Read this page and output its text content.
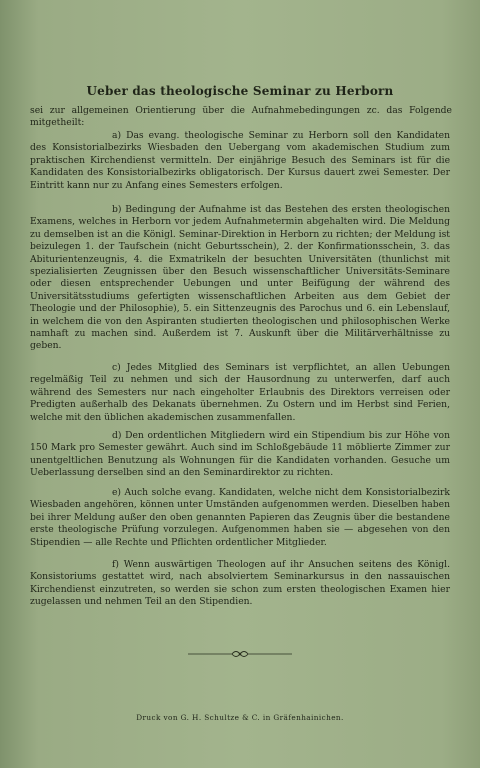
Ueber das theologische Seminar zu Herborn
sei zur allgemeinen Orientierung über die Aufnahmebedingungen zc. das Folgende mitgetheilt:
a) Das evang. theologische Seminar zu Herborn soll den Kandidaten des Konsistorialbezirks Wiesbaden den Uebergang vom akademischen Studium zum praktischen Kirchendienst vermitteln. Der einjährige Besuch des Seminars ist für die Kandidaten des Konsistorialbezirks obligatorisch. Der Kursus dauert zwei Semester. Der Eintritt kann nur zu Anfang eines Semesters erfolgen.
b) Bedingung der Aufnahme ist das Bestehen des ersten theologischen Examens, welches in Herborn vor jedem Aufnahmetermin abgehalten wird. Die Meldung zu demselben ist an die Königl. Seminar-Direktion in Herborn zu richten; der Meldung ist beizulegen 1. der Taufschein (nicht Geburtsschein), 2. der Konfirmationsschein, 3. das Abiturientenzeugnis, 4. die Exmatrikeln der besuchten Universitäten (thunlichst mit spezialisierten Zeugnissen über den Besuch wissenschaftlicher Universitäts-Seminare oder diesen entsprechender Uebungen und unter Beifügung der während des Universitätsstudiums gefertigten wissenschaftlichen Arbeiten aus dem Gebiet der Theologie und der Philosophie), 5. ein Sittenzeugnis des Parochus und 6. ein Lebenslauf, in welchem die von den Aspiranten studierten theologischen und philosophischen Werke namhaft zu machen sind. Außerdem ist 7. Auskunft über die Militärverhältnisse zu geben.
c) Jedes Mitglied des Seminars ist verpflichtet, an allen Uebungen regelmäßig Teil zu nehmen und sich der Hausordnung zu unterwerfen, darf auch während des Semesters nur nach eingeholter Erlaubnis des Direktors verreisen oder Predigten außerhalb des Dekanats übernehmen. Zu Ostern und im Herbst sind Ferien, welche mit den üblichen akademischen zusammenfallen.
d) Den ordentlichen Mitgliedern wird ein Stipendium bis zur Höhe von 150 Mark pro Semester gewährt. Auch sind im Schloßgebäude 11 möblierte Zimmer zur unentgeltlichen Benutzung als Wohnungen für die Kandidaten vorhanden. Gesuche um Ueberlassung derselben sind an den Seminardirektor zu richten.
e) Auch solche evang. Kandidaten, welche nicht dem Konsistorialbezirk Wiesbaden angehören, können unter Umständen aufgenommen werden. Dieselben haben bei ihrer Meldung außer den oben genannten Papieren das Zeugnis über die bestandene erste theologische Prüfung vorzulegen. Aufgenommen haben sie — abgesehen von den Stipendien — alle Rechte und Pflichten ordentlicher Mitglieder.
f) Wenn auswärtigen Theologen auf ihr Ansuchen seitens des Königl. Konsistoriums gestattet wird, nach absolviertem Seminarkursus in den nassauischen Kirchendienst einzutreten, so werden sie schon zum ersten theologischen Examen hier zugelassen und nehmen Teil an den Stipendien.
Druck von G. H. Schultze & C. in Gräfenhainichen.
